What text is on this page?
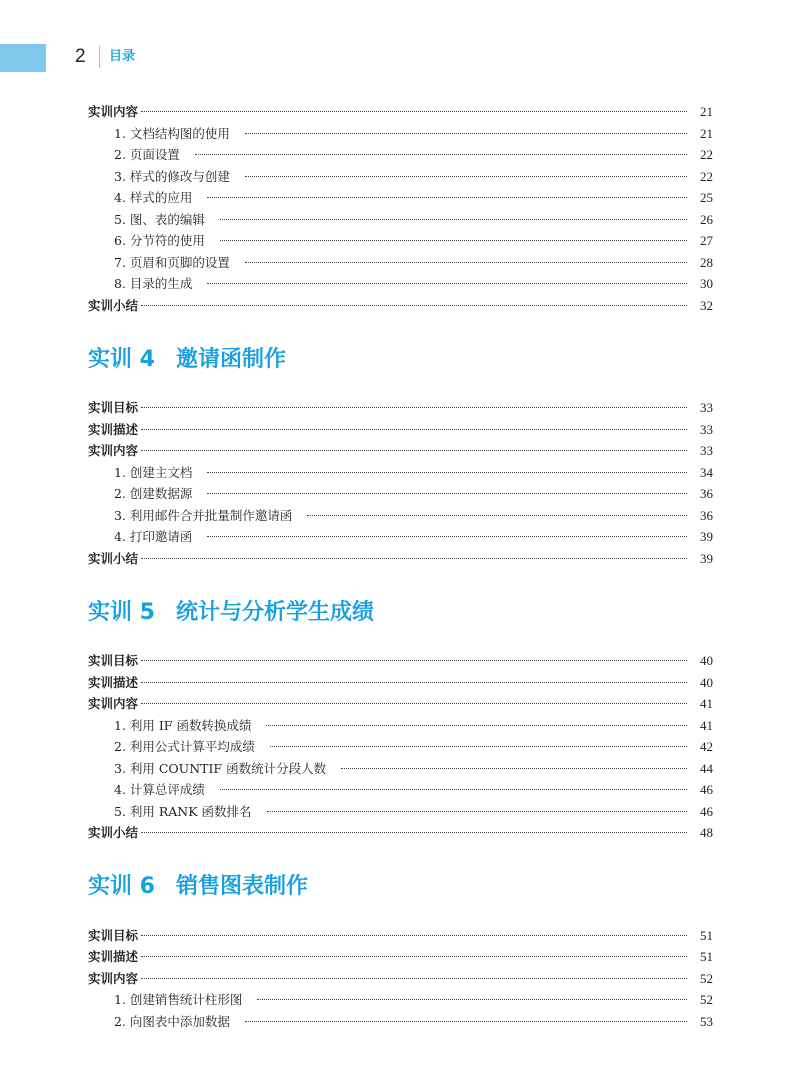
2 目录
实训内容	21
1. 文档结构图的使用	21
2. 页面设置	22
3. 样式的修改与创建	22
4. 样式的应用	25
5. 图、表的编辑	26
6. 分节符的使用	27
7. 页眉和页脚的设置	28
8. 目录的生成	30
实训小结	32
实训 4 邀请函制作
实训目标	33
实训描述	33
实训内容	33
1. 创建主文档	34
2. 创建数据源	36
3. 利用邮件合并批量制作邀请函	36
4. 打印邀请函	39
实训小结	39
实训 5 统计与分析学生成绩
实训目标	40
实训描述	40
实训内容	41
1. 利用 IF 函数转换成绩	41
2. 利用公式计算平均成绩	42
3. 利用 COUNTIF 函数统计分段人数	44
4. 计算总评成绩	46
5. 利用 RANK 函数排名	46
实训小结	48
实训 6 销售图表制作
实训目标	51
实训描述	51
实训内容	52
1. 创建销售统计柱形图	52
2. 向图表中添加数据	53
